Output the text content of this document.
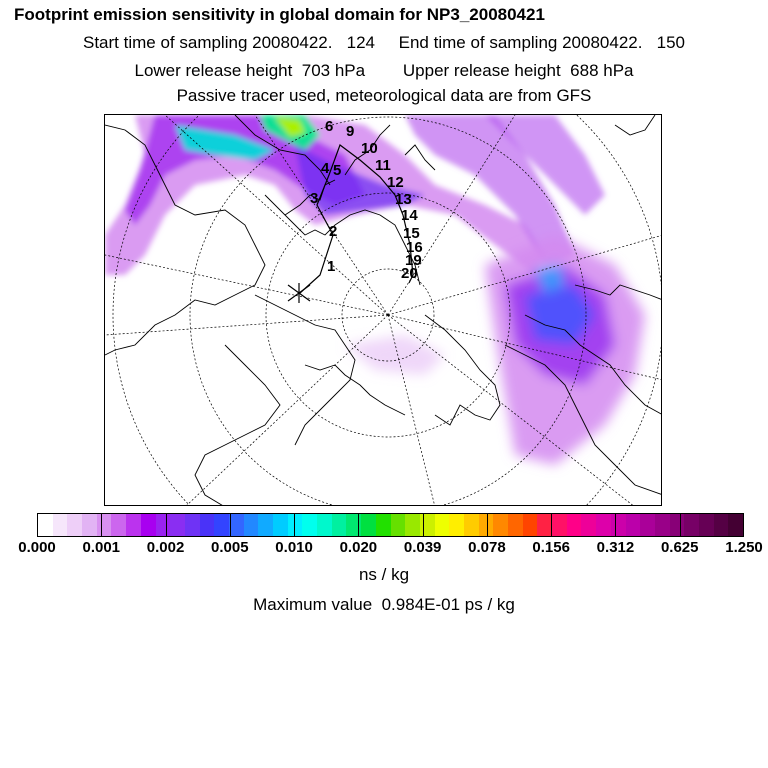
Footprint emission sensitivity in global domain for NP3_20080421
Start time of sampling 20080422.   124     End time of sampling 20080422.   150
Lower release height  703 hPa        Upper release height  688 hPa
Passive tracer used, meteorological data are from GFS
1
2
3
4 5
6 9
10
11
12
13
14
15
16
19
20
ns / kg
Maximum value  0.984E-01 ps / kg
0.000 0.001 0.002 0.005 0.010 0.020 0.039 0.078 0.156 0.312 0.625 1.250
